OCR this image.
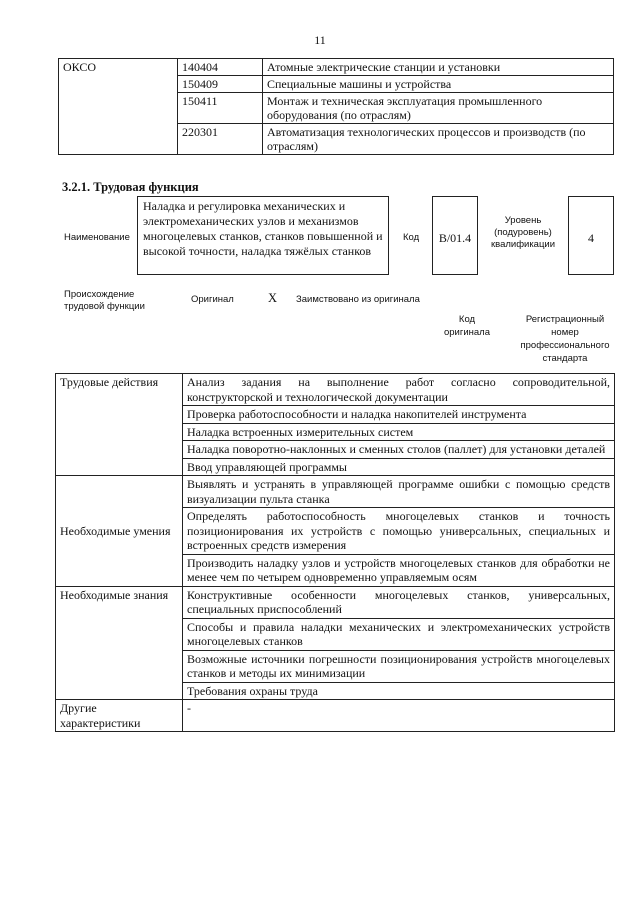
11
ОКСО	140404	Атомные электрические станции и установки
	150409	Специальные машины и устройства
	150411	Монтаж и техническая эксплуатация промышленного оборудования (по отраслям)
	220301	Автоматизация технологических процессов и производств (по отраслям)
3.2.1. Трудовая функция
Наименование
Наладка и регулировка механических и электромеханических узлов и механизмов многоцелевых станков, станков повышенной и высокой точности, наладка тяжёлых станков
Код	B/01.4
Уровень (подуровень) квалификации	4
Происхождение трудовой функции
Оригинал	X Заимствовано из оригинала
Код оригинала
Регистрационный номер профессионального стандарта
Трудовые действия	Анализ задания на выполнение работ согласно сопроводительной, конструкторской и технологической документации
	Проверка работоспособности и наладка накопителей инструмента
	Наладка встроенных измерительных систем
	Наладка поворотно-наклонных и сменных столов (паллет) для установки деталей
	Ввод управляющей программы
Необходимые умения	Выявлять и устранять в управляющей программе ошибки с помощью средств визуализации пульта станка
	Определять работоспособность многоцелевых станков и точность позиционирования их устройств с помощью универсальных, специальных и встроенных средств измерения
	Производить наладку узлов и устройств многоцелевых станков для обработки не менее чем по четырем одновременно управляемым осям
Необходимые знания	Конструктивные особенности многоцелевых станков, универсальных, специальных приспособлений
	Способы и правила наладки механических и электромеханических устройств многоцелевых станков
	Возможные источники погрешности позиционирования устройств многоцелевых станков и методы их минимизации
	Требования охраны труда
Другие характеристики	-
